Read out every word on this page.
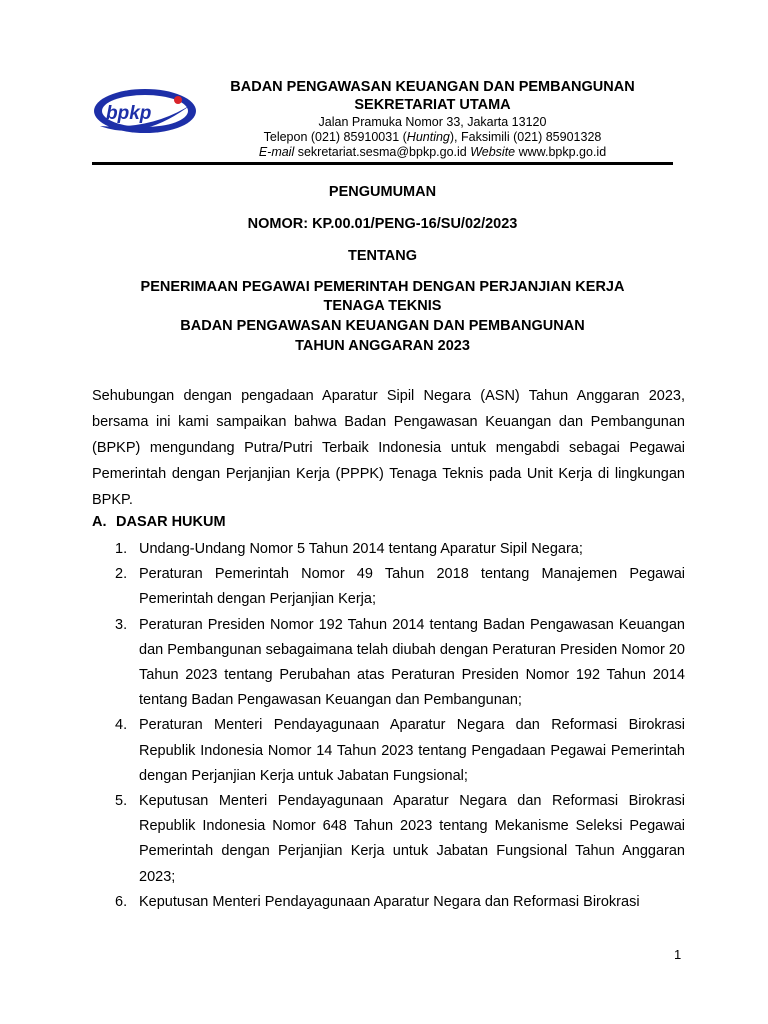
bpkp
BADAN PENGAWASAN KEUANGAN DAN PEMBANGUNAN
SEKRETARIAT UTAMA
Jalan Pramuka Nomor 33, Jakarta 13120
Telepon (021) 85910031 (Hunting), Faksimili (021) 85901328
E-mail sekretariat.sesma@bpkp.go.id Website www.bpkp.go.id
PENGUMUMAN
NOMOR: KP.00.01/PENG-16/SU/02/2023
TENTANG
PENERIMAAN PEGAWAI PEMERINTAH DENGAN PERJANJIAN KERJA
TENAGA TEKNIS
BADAN PENGAWASAN KEUANGAN DAN PEMBANGUNAN
TAHUN ANGGARAN 2023
Sehubungan dengan pengadaan Aparatur Sipil Negara (ASN) Tahun Anggaran 2023, bersama ini kami sampaikan bahwa Badan Pengawasan Keuangan dan Pembangunan (BPKP) mengundang Putra/Putri Terbaik Indonesia untuk mengabdi sebagai Pegawai Pemerintah dengan Perjanjian Kerja (PPPK) Tenaga Teknis pada Unit Kerja di lingkungan BPKP.
A. DASAR HUKUM
1. Undang-Undang Nomor 5 Tahun 2014 tentang Aparatur Sipil Negara;
2. Peraturan Pemerintah Nomor 49 Tahun 2018 tentang Manajemen Pegawai Pemerintah dengan Perjanjian Kerja;
3. Peraturan Presiden Nomor 192 Tahun 2014 tentang Badan Pengawasan Keuangan dan Pembangunan sebagaimana telah diubah dengan Peraturan Presiden Nomor 20 Tahun 2023 tentang Perubahan atas Peraturan Presiden Nomor 192 Tahun 2014 tentang Badan Pengawasan Keuangan dan Pembangunan;
4. Peraturan Menteri Pendayagunaan Aparatur Negara dan Reformasi Birokrasi Republik Indonesia Nomor 14 Tahun 2023 tentang Pengadaan Pegawai Pemerintah dengan Perjanjian Kerja untuk Jabatan Fungsional;
5. Keputusan Menteri Pendayagunaan Aparatur Negara dan Reformasi Birokrasi Republik Indonesia Nomor 648 Tahun 2023 tentang Mekanisme Seleksi Pegawai Pemerintah dengan Perjanjian Kerja untuk Jabatan Fungsional Tahun Anggaran 2023;
6. Keputusan Menteri Pendayagunaan Aparatur Negara dan Reformasi Birokrasi
1
